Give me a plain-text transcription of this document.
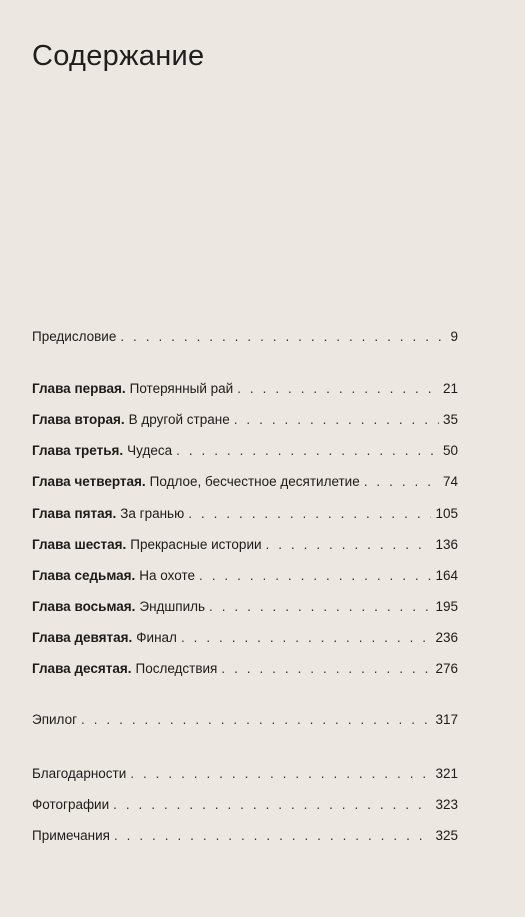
Содержание
Предисловие . . .	9
Глава первая. Потерянный рай . . .	21
Глава вторая. В другой стране . . .	35
Глава третья. Чудеса . . .	50
Глава четвертая. Подлое, бесчестное десятилетие . . .	74
Глава пятая. За гранью . . .	105
Глава шестая. Прекрасные истории . . .	136
Глава седьмая. На охоте . . .	164
Глава восьмая. Эндшпиль . . .	195
Глава девятая. Финал . . .	236
Глава десятая. Последствия . . .	276
Эпилог . . .	317
Благодарности . . .	321
Фотографии . . .	323
Примечания . . .	325
